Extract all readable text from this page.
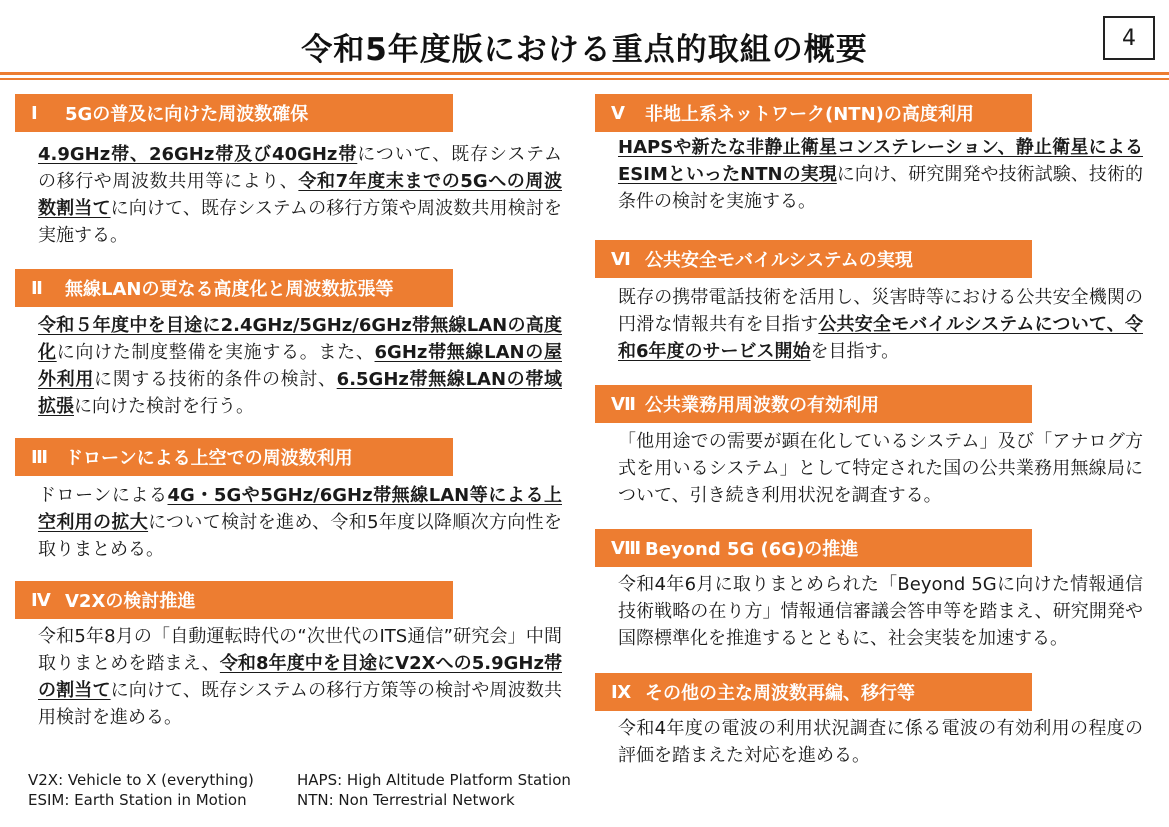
令和5年度版における重点的取組の概要	4
Ⅰ	5Gの普及に向けた周波数確保
4.9GHz帯、26GHz帯及び40GHz帯について、既存システムの移行や周波数共用等により、令和7年度末までの5Gへの周波数割当てに向けて、既存システムの移行方策や周波数共用検討を実施する。
Ⅱ	無線LANの更なる高度化と周波数拡張等
令和５年度中を目途に2.4GHz/5GHz/6GHz帯無線LANの高度化に向けた制度整備を実施する。また、6GHz帯無線LANの屋外利用に関する技術的条件の検討、6.5GHz帯無線LANの帯域拡張に向けた検討を行う。
Ⅲ ドローンによる上空での周波数利用
ドローンによる4G・5Gや5GHz/6GHz帯無線LAN等による上空利用の拡大について検討を進め、令和5年度以降順次方向性を取りまとめる。
Ⅳ V2Xの検討推進
令和5年8月の「自動運転時代の“次世代のITS通信”研究会」中間取りまとめを踏まえ、令和8年度中を目途にV2Xへの5.9GHz帯の割当てに向けて、既存システムの移行方策等の検討や周波数共用検討を進める。
Ⅴ	非地上系ネットワーク(NTN)の高度利用
HAPSや新たな非静止衛星コンステレーション、静止衛星によるESIMといったNTNの実現に向け、研究開発や技術試験、技術的条件の検討を実施する。
Ⅵ 公共安全モバイルシステムの実現
既存の携帯電話技術を活用し、災害時等における公共安全機関の円滑な情報共有を目指す公共安全モバイルシステムについて、令和6年度のサービス開始を目指す。
Ⅶ 公共業務用周波数の有効利用
「他用途での需要が顕在化しているシステム」及び「アナログ方式を用いるシステム」として特定された国の公共業務用無線局について、引き続き利用状況を調査する。
Ⅷ Beyond 5G (6G)の推進
令和4年6月に取りまとめられた「Beyond 5Gに向けた情報通信技術戦略の在り方」情報通信審議会答申等を踏まえ、研究開発や国際標準化を推進するとともに、社会実装を加速する。
Ⅸ その他の主な周波数再編、移行等
令和4年度の電波の利用状況調査に係る電波の有効利用の程度の評価を踏まえた対応を進める。
V2X: Vehicle to X (everything)
ESIM: Earth Station in Motion
HAPS: High Altitude Platform Station
NTN: Non Terrestrial Network
